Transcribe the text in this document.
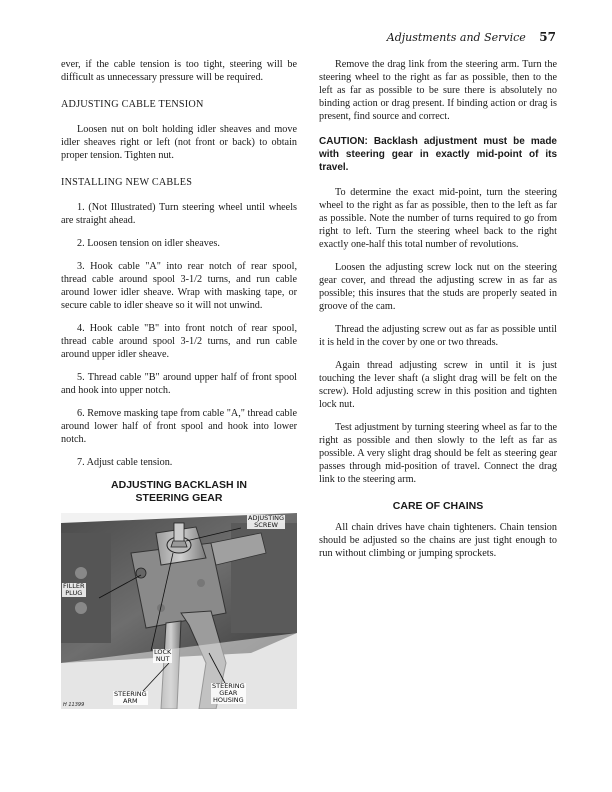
Adjustments and Service 57

ever, if the cable tension is too tight, steering will be difficult as unnecessary pressure will be required.

ADJUSTING CABLE TENSION

Loosen nut on bolt holding idler sheaves and move idler sheaves right or left (not front or back) to obtain proper tension. Tighten nut.

INSTALLING NEW CABLES

1. (Not Illustrated) Turn steering wheel until wheels are straight ahead.

2. Loosen tension on idler sheaves.

3. Hook cable "A" into rear notch of rear spool, thread cable around spool 3-1/2 turns, and run cable around lower idler sheave. Wrap with masking tape, or secure cable to idler sheave so it will not unwind.

4. Hook cable "B" into front notch of rear spool, thread cable around spool 3-1/2 turns, and run cable around upper idler sheave.

5. Thread cable "B" around upper half of front spool and hook into upper notch.

6. Remove masking tape from cable "A," thread cable around lower half of front spool and hook into lower notch.

7. Adjust cable tension.

ADJUSTING BACKLASH IN
STEERING GEAR
ADJUSTING
SCREW
FILLER
PLUG
LOCK
NUT
STEERING
ARM
STEERING
GEAR
HOUSING
H 11399

Remove the drag link from the steering arm. Turn the steering wheel to the right as far as possible, then to the left as far as possible to be sure there is absolutely no binding action or drag present. If binding action or drag is present, find source and correct.

CAUTION: Backlash adjustment must be made with steering gear in exactly mid-point of its travel.

To determine the exact mid-point, turn the steering wheel to the right as far as possible, then to the left as far as possible. Note the number of turns required to go from right to left. Turn the steering wheel back to the right exactly one-half this total number of revolutions.

Loosen the adjusting screw lock nut on the steering gear cover, and thread the adjusting screw in as far as possible; this insures that the studs are properly seated in groove of the cam.

Thread the adjusting screw out as far as possible until it is held in the cover by one or two threads.

Again thread adjusting screw in until it is just touching the lever shaft (a slight drag will be felt on the screw). Hold adjusting screw in this position and tighten lock nut.

Test adjustment by turning steering wheel as far to the right as possible and then slowly to the left as far as possible. A very slight drag should be felt as steering gear passes through mid-position of travel. Connect the drag link to the steering arm.

CARE OF CHAINS

All chain drives have chain tighteners. Chain tension should be adjusted so the chains are just tight enough to run without climbing or jumping sprockets.
